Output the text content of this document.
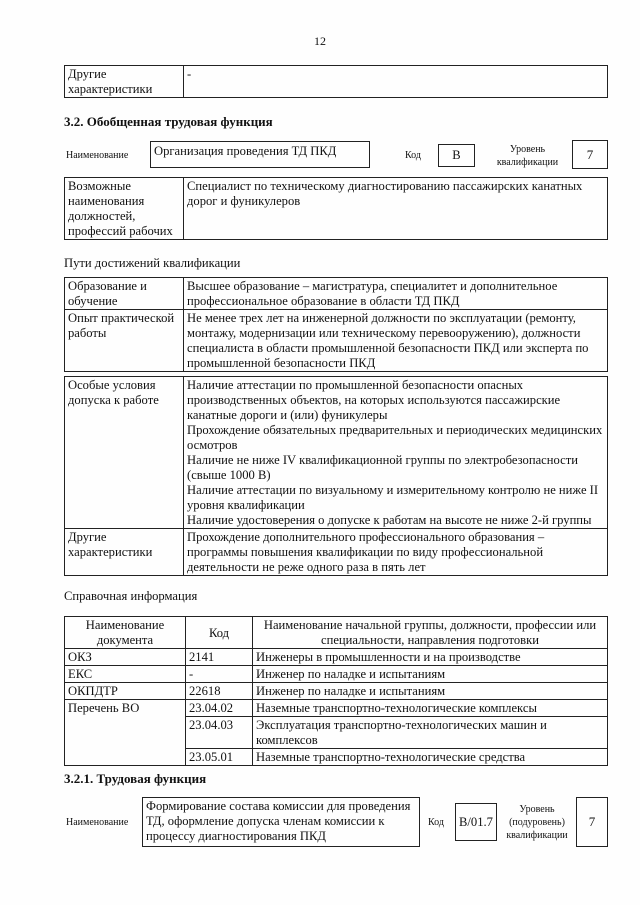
12
Другие характеристики	-
3.2. Обобщенная трудовая функция
Наименование	Организация проведения ТД ПКД	Код	В	Уровень квалификации
7
Возможные наименования должностей, профессий рабочих	Специалист по техническому диагностированию пассажирских канатных дорог и фуникулеров
Пути достижений квалификации
Образование и обучение	Высшее образование – магистратура, специалитет и дополнительное профессиональное образование в области ТД ПКД
Опыт практической работы	Не менее трех лет на инженерной должности по эксплуатации (ремонту, монтажу, модернизации или техническому перевооружению), должности специалиста в области промышленной безопасности ПКД или эксперта по промышленной безопасности ПКД
Особые условия допуска к работе	Наличие аттестации по промышленной безопасности опасных производственных объектов, на которых используются пассажирские канатные дороги и (или) фуникулеры
Прохождение обязательных предварительных и периодических медицинских осмотров
Наличие не ниже IV квалификационной группы по электробезопасности (свыше 1000 В)
Наличие аттестации по визуальному и измерительному контролю не ниже II уровня квалификации
Наличие удостоверения о допуске к работам на высоте не ниже 2-й группы

Другие характеристики	Прохождение дополнительного профессионального образования – программы повышения квалификации по виду профессиональной деятельности не реже одного раза в пять лет
Справочная информация
Наименование документа	Код	Наименование начальной группы, должности, профессии или специальности, направления подготовки
ОКЗ	2141	Инженеры в промышленности и на производстве
ЕКС	-	Инженер по наладке и испытаниям
ОКПДТР	22618	Инженер по наладке и испытаниям
Перечень ВО	23.04.02	Наземные транспортно-технологические комплексы
	23.04.03	Эксплуатация транспортно-технологических машин и комплексов
	23.05.01	Наземные транспортно-технологические средства
3.2.1. Трудовая функция
Наименование
Формирование состава комиссии для проведения ТД, оформление допуска членам комиссии к процессу диагностирования ПКД
Код	В/01.7
Уровень (подуровень) квалификации
7
